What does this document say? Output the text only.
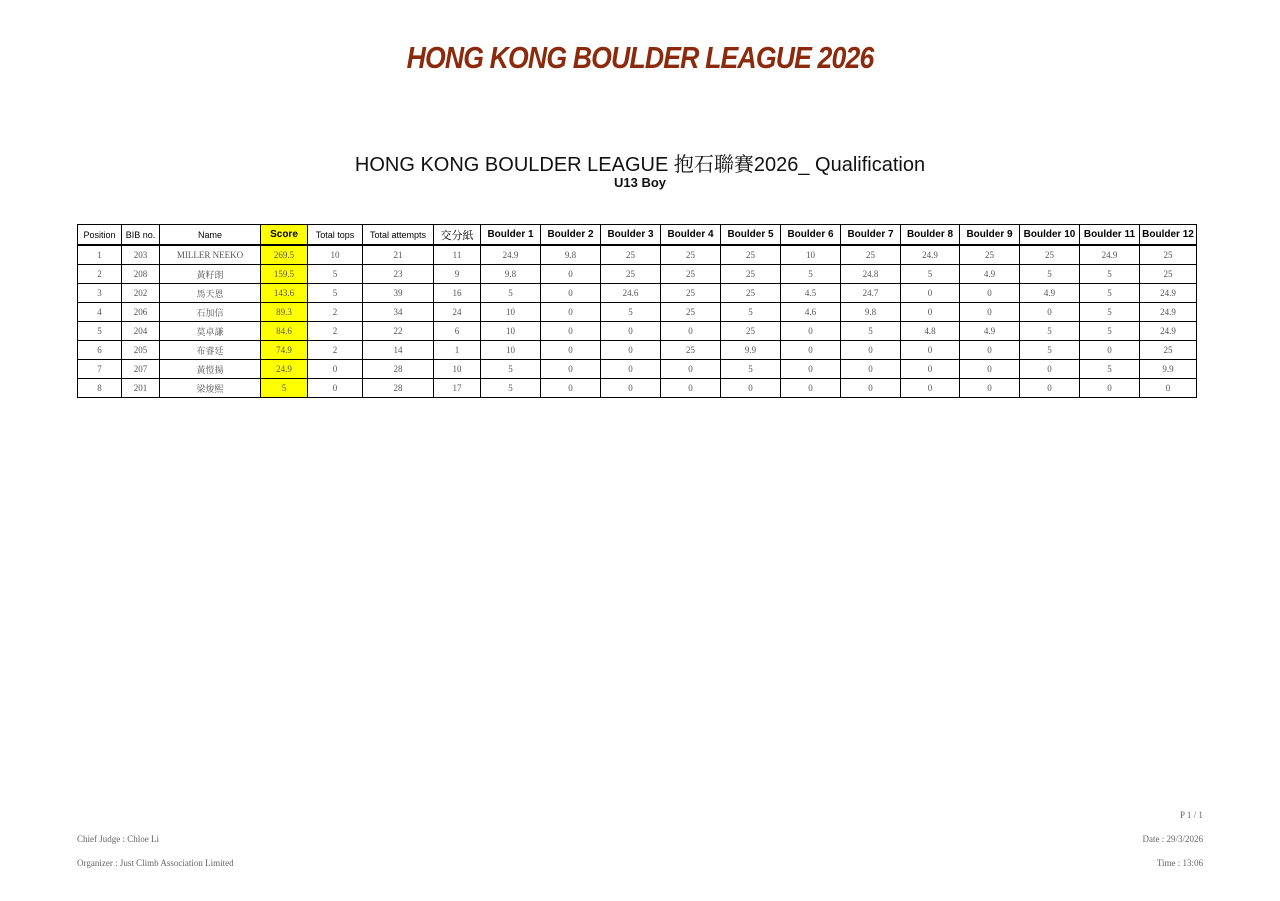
HONG KONG BOULDER LEAGUE 2026
HONG KONG BOULDER LEAGUE 抱石聯賽2026_ Qualification
U13 Boy
Position	BIB no.	Name	Score	Total tops	Total attempts	交分紙	Boulder 1	Boulder 2	Boulder 3	Boulder 4	Boulder 5	Boulder 6	Boulder 7	Boulder 8	Boulder 9	Boulder 10	Boulder 11	Boulder 12
1	203	MILLER NEEKO	269.5	10	21	11	24.9	9.8	25	25	25	10	25	24.9	25	25	24.9	25
2	208	黃籽朗	159.5	5	23	9	9.8	0	25	25	25	5	24.8	5	4.9	5	5	25
3	202	馬天恩	143.6	5	39	16	5	0	24.6	25	25	4.5	24.7	0	0	4.9	5	24.9
4	206	石加信	89.3	2	34	24	10	0	5	25	5	4.6	9.8	0	0	0	5	24.9
5	204	莫卓謙	84.6	2	22	6	10	0	0	0	25	0	5	4.8	4.9	5	5	24.9
6	205	布睿廷	74.9	2	14	1	10	0	0	25	9.9	0	0	0	0	5	0	25
7	207	黃愷揚	24.9	0	28	10	5	0	0	0	5	0	0	0	0	0	5	9.9
8	201	梁焌熙	5	0	28	17	5	0	0	0	0	0	0	0	0	0	0	0
P 1 / 1
Chief Judge : Chloe Li
Organizer : Just Climb Association Limited
Date : 29/3/2026
Time : 13:06
